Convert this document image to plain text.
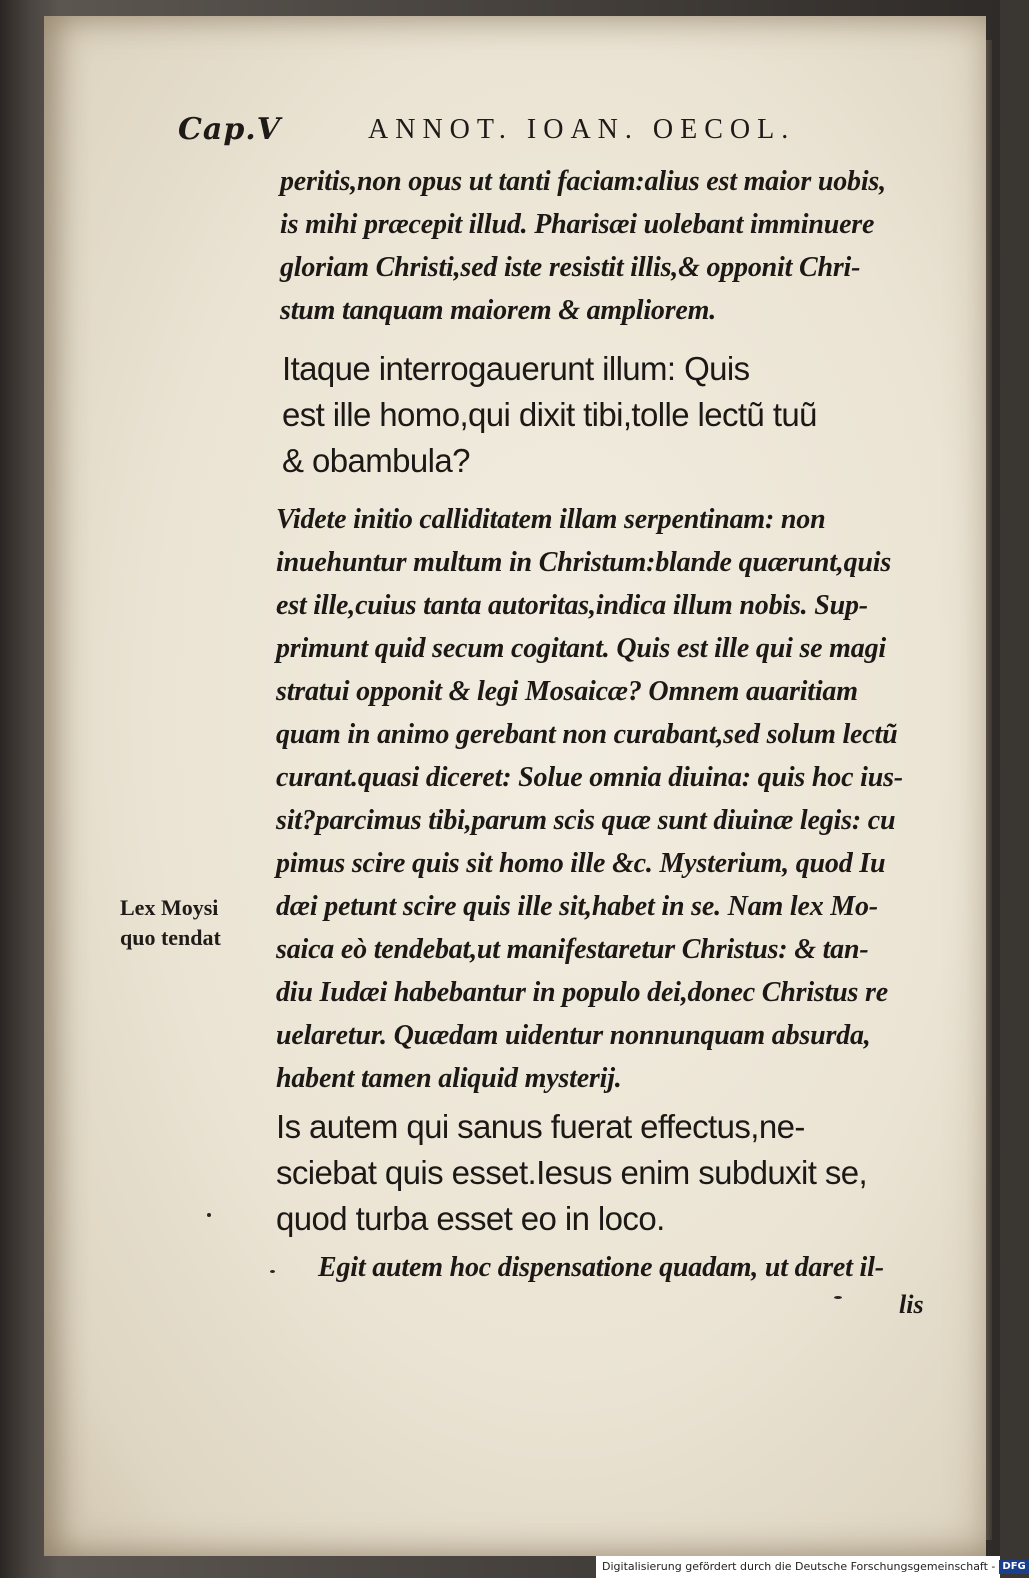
Cap.V	ANNOT. IOAN. OECOL.
peritis,non opus ut tanti faciam:alius est maior uobis,
is mihi præcepit illud. Pharisæi uolebant imminuere
gloriam Christi,sed iste resistit illis,& opponit Chri-
stum tanquam maiorem & ampliorem.
Itaque interrogauerunt illum: Quis
est ille homo,qui dixit tibi,tolle lectũ tuũ
& obambula?
Videte initio calliditatem illam serpentinam: non
inuehuntur multum in Christum:blande quærunt,quis
est ille,cuius tanta autoritas,indica illum nobis. Sup-
primunt quid secum cogitant. Quis est ille qui se magi
stratui opponit & legi Mosaicæ? Omnem auaritiam
quam in animo gerebant non curabant,sed solum lectũ
curant.quasi diceret: Solue omnia diuina: quis hoc ius-
sit?parcimus tibi,parum scis quæ sunt diuinæ legis: cu
pimus scire quis sit homo ille &c. Mysterium, quod Iu
dæi petunt scire quis ille sit,habet in se. Nam lex Mo-
saica eò tendebat,ut manifestaretur Christus: & tan-
diu Iudæi habebantur in populo dei,donec Christus re
uelaretur. Quædam uidentur nonnunquam absurda,
habent tamen aliquid mysterij.
Is autem qui sanus fuerat effectus,ne-
sciebat quis esset.Iesus enim subduxit se,
quod turba esset eo in loco.
Egit autem hoc dispensatione quadam, ut daret il-
Lex Moysi
quo tendat
lis
Digitalisierung gefördert durch die Deutsche Forschungsgemeinschaft - DFG
